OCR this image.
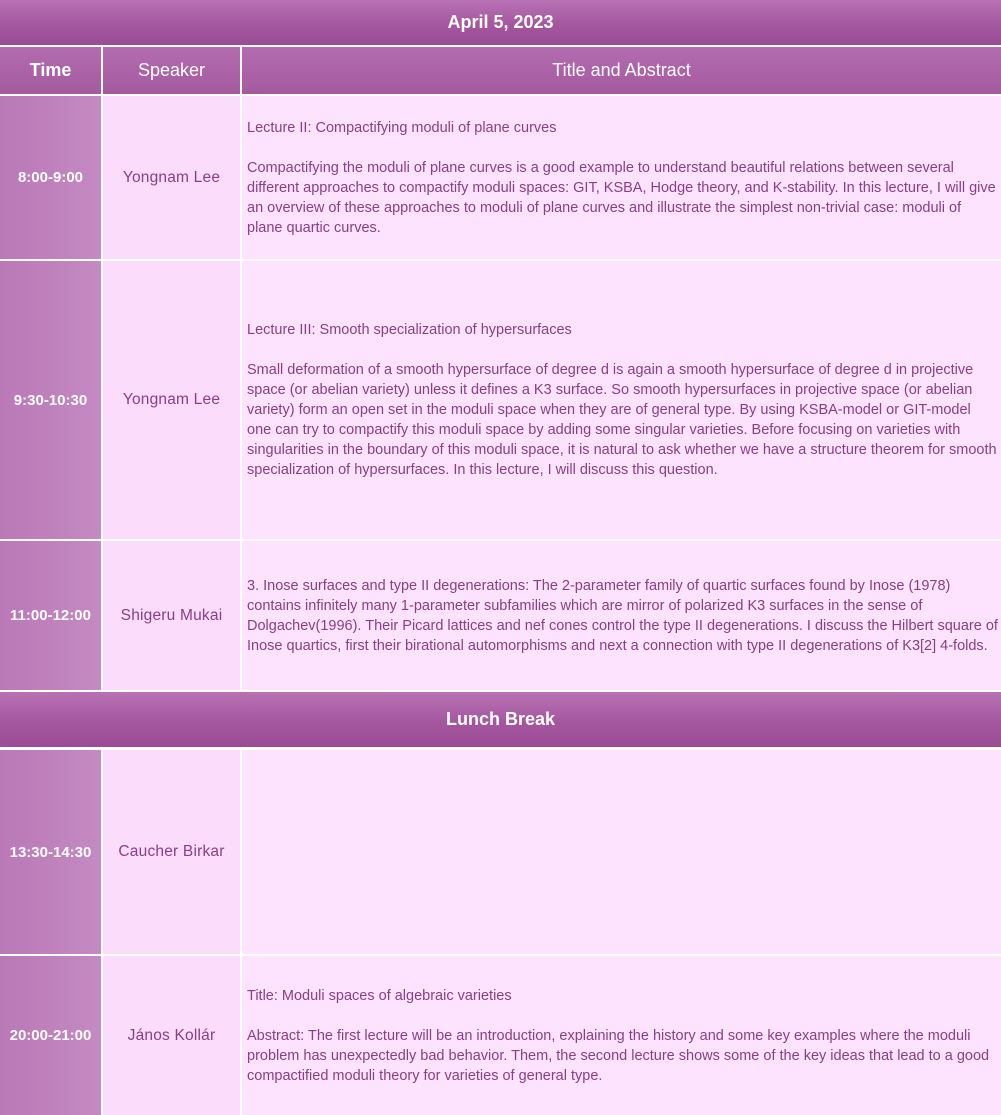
April 5, 2023
Time	Speaker	Title and Abstract
8:00-9:00	Yongnam Lee

Lecture II: Compactifying moduli of plane curves

Compactifying the moduli of plane curves is a good example to understand beautiful relations between several different approaches to compactify moduli spaces: GIT, KSBA, Hodge theory, and K-stability. In this lecture, I will give an overview of these approaches to moduli of plane curves and illustrate the simplest non-trivial case: moduli of plane quartic curves.

9:30-10:30 Yongnam Lee

Lecture III: Smooth specialization of hypersurfaces

Small deformation of a smooth hypersurface of degree d is again a smooth hypersurface of degree d in projective space (or abelian variety) unless it defines a K3 surface. So smooth hypersurfaces in projective space (or abelian variety) form an open set in the moduli space when they are of general type. By using KSBA-model or GIT-model one can try to compactify this moduli space by adding some singular varieties. Before focusing on varieties with singularities in the boundary of this moduli space, it is natural to ask whether we have a structure theorem for smooth specialization of hypersurfaces. In this lecture, I will discuss this question.

11:00-12:00 Shigeru Mukai

3. Inose surfaces and type II degenerations: The 2-parameter family of quartic surfaces found by Inose (1978) contains infinitely many 1-parameter subfamilies which are mirror of polarized K3 surfaces in the sense of Dolgachev(1996). Their Picard lattices and nef cones control the type II degenerations. I discuss the Hilbert square of Inose quartics, first their birational automorphisms and next a connection with type II degenerations of K3[2] 4-folds.

Lunch Break
13:30-14:30 Caucher Birkar
20:00-21:00 János Kollár

Title: Moduli spaces of algebraic varieties

Abstract: The first lecture will be an introduction, explaining the history and some key examples where the moduli problem has unexpectedly bad behavior. Them, the second lecture shows some of the key ideas that lead to a good compactified moduli theory for varieties of general type.
